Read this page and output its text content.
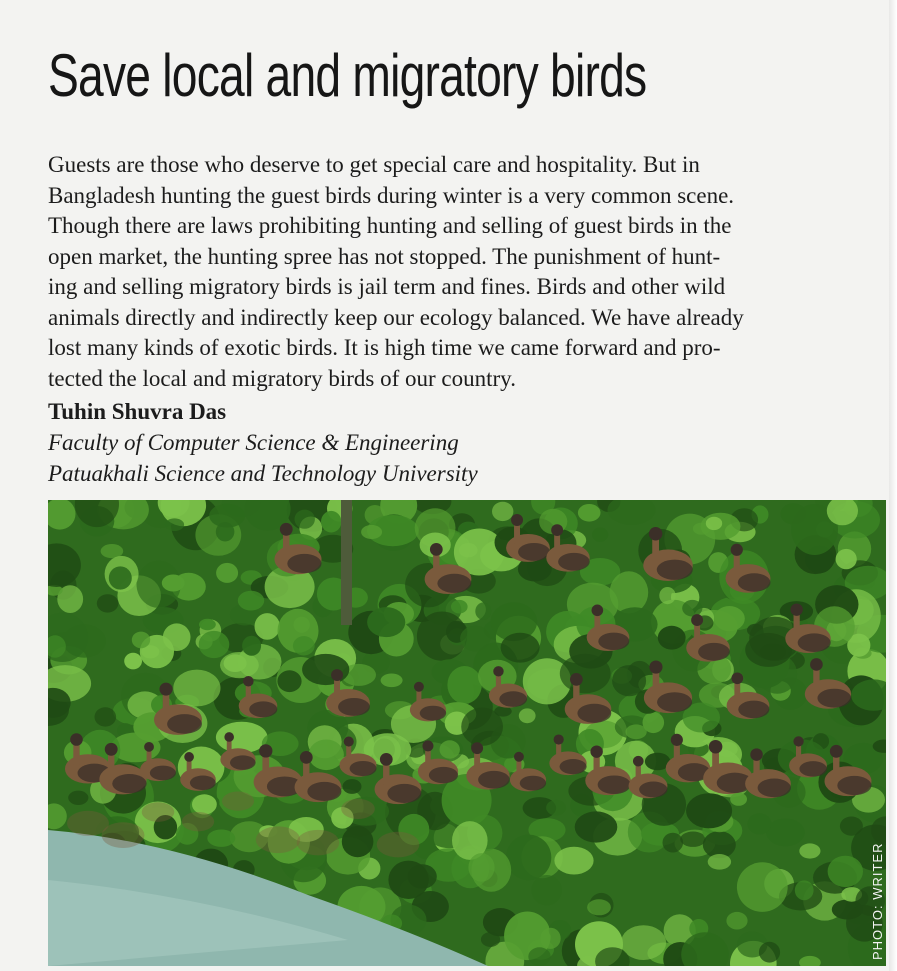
Save local and migratory birds
Guests are those who deserve to get special care and hospitality. But in
Bangladesh hunting the guest birds during winter is a very common scene.
Though there are laws prohibiting hunting and selling of guest birds in the
open market, the hunting spree has not stopped. The punishment of hunt-
ing and selling migratory birds is jail term and fines. Birds and other wild
animals directly and indirectly keep our ecology balanced. We have already
lost many kinds of exotic birds. It is high time we came forward and pro-
tected the local and migratory birds of our country.
Tuhin Shuvra Das
Faculty of Computer Science & Engineering
Patuakhali Science and Technology University
PHOTO: WRITER
